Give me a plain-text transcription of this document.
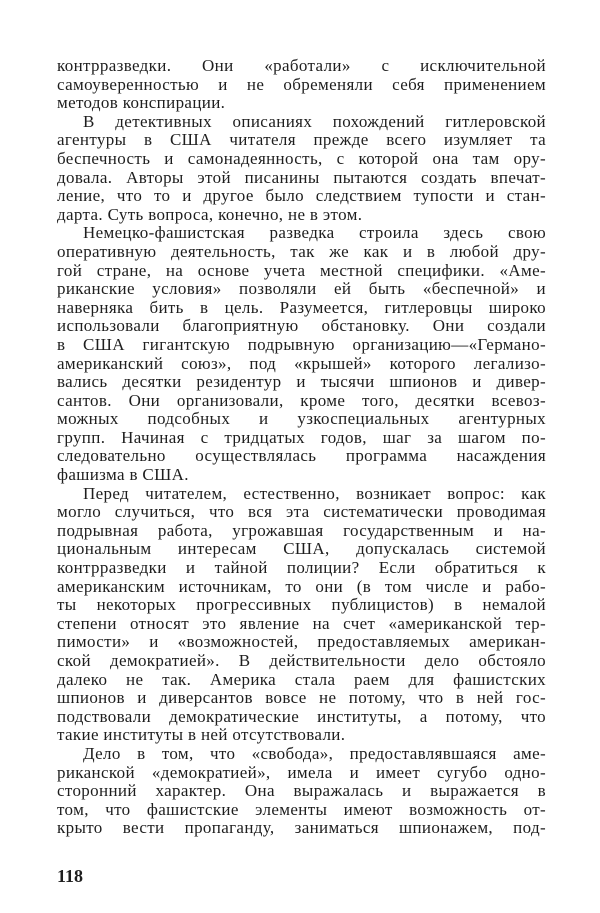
контрразведки. Они «работали» с исключительной
самоуверенностью и не обременяли себя применением
методов конспирации.
В детективных описаниях похождений гитлеровской
агентуры в США читателя прежде всего изумляет та
беспечность и самонадеянность, с которой она там ору-
довала. Авторы этой писанины пытаются создать впечат-
ление, что то и другое было следствием тупости и стан-
дарта. Суть вопроса, конечно, не в этом.
Немецко-фашистская разведка строила здесь свою
оперативную деятельность, так же как и в любой дру-
гой стране, на основе учета местной специфики. «Аме-
риканские условия» позволяли ей быть «беспечной» и
наверняка бить в цель. Разумеется, гитлеровцы широко
использовали благоприятную обстановку. Они создали
в США гигантскую подрывную организацию—«Германо-
американский союз», под «крышей» которого легализо-
вались десятки резидентур и тысячи шпионов и дивер-
сантов. Они организовали, кроме того, десятки всевоз-
можных подсобных и узкоспециальных агентурных
групп. Начиная с тридцатых годов, шаг за шагом по-
следовательно осуществлялась программа насаждения
фашизма в США.
Перед читателем, естественно, возникает вопрос: как
могло случиться, что вся эта систематически проводимая
подрывная работа, угрожавшая государственным и на-
циональным интересам США, допускалась системой
контрразведки и тайной полиции? Если обратиться к
американским источникам, то они (в том числе и рабо-
ты некоторых прогрессивных публицистов) в немалой
степени относят это явление на счет «американской тер-
пимости» и «возможностей, предоставляемых американ-
ской демократией». В действительности дело обстояло
далеко не так. Америка стала раем для фашистских
шпионов и диверсантов вовсе не потому, что в ней гос-
подствовали демократические институты, а потому, что
такие институты в ней отсутствовали.
Дело в том, что «свобода», предоставлявшаяся аме-
риканской «демократией», имела и имеет сугубо одно-
сторонний характер. Она выражалась и выражается в
том, что фашистские элементы имеют возможность от-
крыто вести пропаганду, заниматься шпионажем, под-
118
